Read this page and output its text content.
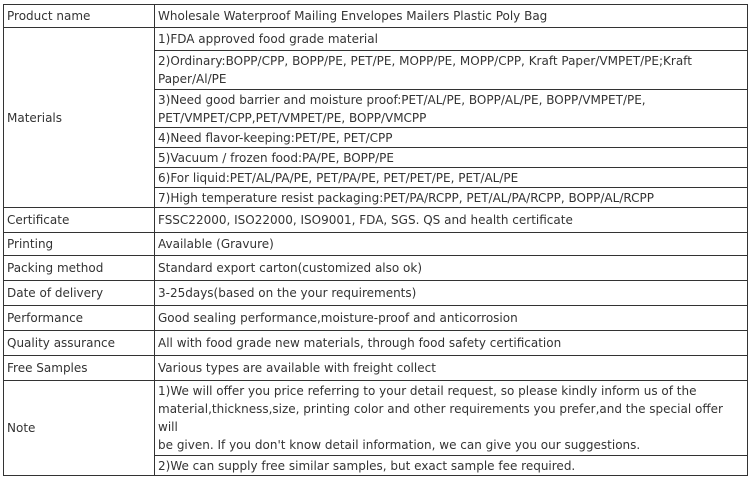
Product name	Wholesale Waterproof Mailing Envelopes Mailers Plastic Poly Bag
Materials	1)FDA approved food grade material
	2)Ordinary:BOPP/CPP, BOPP/PE, PET/PE, MOPP/PE, MOPP/CPP, Kraft Paper/VMPET/PE;Kraft Paper/Al/PE
	3)Need good barrier and moisture proof:PET/AL/PE, BOPP/AL/PE, BOPP/VMPET/PE, PET/VMPET/CPP,PET/VMPET/PE, BOPP/VMCPP
	4)Need flavor-keeping:PET/PE, PET/CPP
	5)Vacuum / frozen food:PA/PE, BOPP/PE
	6)For liquid:PET/AL/PA/PE, PET/PA/PE, PET/PET/PE, PET/AL/PE
	7)High temperature resist packaging:PET/PA/RCPP, PET/AL/PA/RCPP, BOPP/AL/RCPP
Certificate	FSSC22000, ISO22000, ISO9001, FDA, SGS. QS and health certificate
Printing	Available (Gravure)
Packing method	Standard export carton(customized also ok)
Date of delivery	3-25days(based on the your requirements)
Performance	Good sealing performance,moisture-proof and anticorrosion
Quality assurance	All with food grade new materials, through food safety certification
Free Samples	Various types are available with freight collect
Note	1)We will offer you price referring to your detail request, so please kindly inform us of the
material,thickness,size, printing color and other requirements you prefer,and the special offer will
be given. If you don't know detail information, we can give you our suggestions.

	2)We can supply free similar samples, but exact sample fee required.
